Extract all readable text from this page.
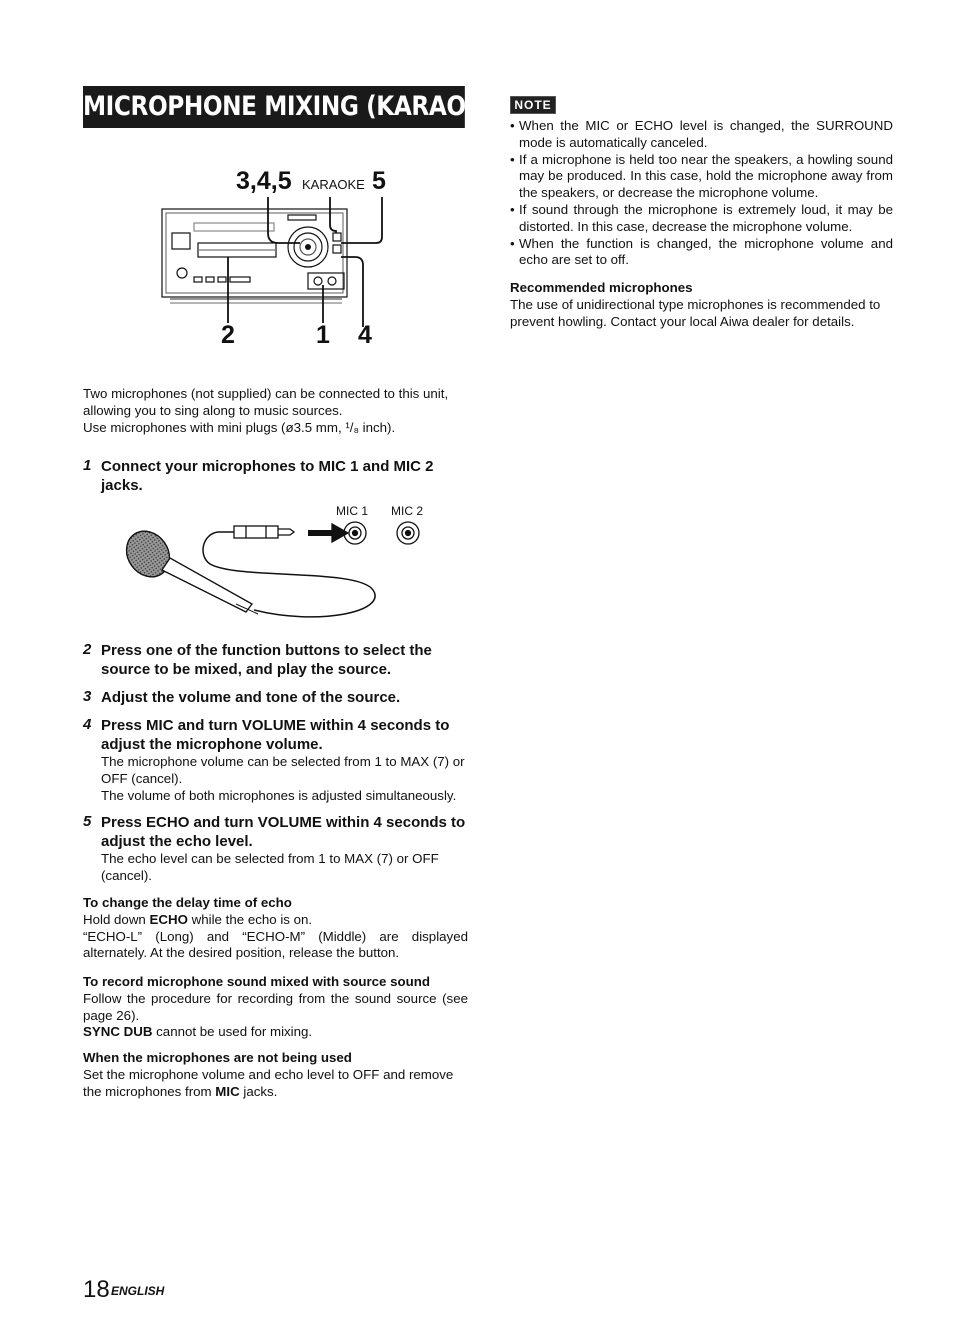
MICROPHONE MIXING (KARAOKE)
3,4,5 KARAOKE 5
2	1 4
Two microphones (not supplied) can be connected to this unit,
allowing you to sing along to music sources.
Use microphones with mini plugs (ø3.5 mm, ¹/₈ inch).
1 Connect your microphones to MIC 1 and MIC 2 jacks.
MIC 1 MIC 2
2 Press one of the function buttons to select the source to be mixed, and play the source.
3 Adjust the volume and tone of the source.
4 Press MIC and turn VOLUME within 4 seconds to adjust the microphone volume.
The microphone volume can be selected from 1 to MAX (7) or OFF (cancel).
The volume of both microphones is adjusted simultaneously.
5 Press ECHO and turn VOLUME within 4 seconds to adjust the echo level.
The echo level can be selected from 1 to MAX (7) or OFF (cancel).
To change the delay time of echo
Hold down ECHO while the echo is on.
“ECHO-L” (Long) and “ECHO-M” (Middle) are displayed alternately. At the desired position, release the button.
To record microphone sound mixed with source sound
Follow the procedure for recording from the sound source (see page 26).
SYNC DUB cannot be used for mixing.
When the microphones are not being used
Set the microphone volume and echo level to OFF and remove the microphones from MIC jacks.
NOTE
• When the MIC or ECHO level is changed, the SURROUND mode is automatically canceled.
• If a microphone is held too near the speakers, a howling sound may be produced. In this case, hold the microphone away from the speakers, or decrease the microphone volume.
• If sound through the microphone is extremely loud, it may be distorted. In this case, decrease the microphone volume.
• When the function is changed, the microphone volume and echo are set to off.
Recommended microphones
The use of unidirectional type microphones is recommended to prevent howling. Contact your local Aiwa dealer for details.
18 ENGLISH
